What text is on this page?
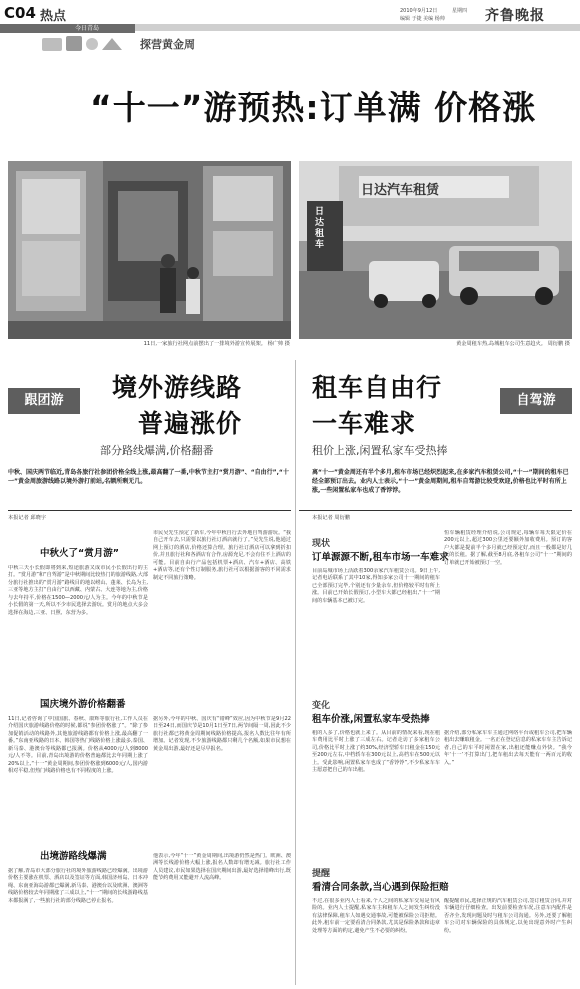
C04 热点	2010年9月12日	星期四
编辑 于捷 美编 杨帅	齐鲁晚报
今日青岛
探营黄金周
“十一”游预热:订单满 价格涨
11日,一家旅行社网点前摆出了一排境外游宣传展架。 杨广帅 摄
日达汽车租赁
日达租车
黄金周租车热,岛城租车公司生意趋火。 周衍鹏 摄
跟团游	境外游线路
普遍涨价
部分路线爆满,价格翻番
中秋、国庆两节临近,青岛各旅行社参团价格全线上涨,最高翻了一番,中秋节主打“赏月游”、“自由行”,“十一”黄金周旅游线路以境外游打前站,名额所剩无几。
本报记者 邱晓宇
中秋火了“赏月游”
中秋三天小长假即将到来,短途旅游又成市民小长假出行的主打。“赏月游”和“自驾游”是中秋期间比较热门的旅游线路,大部分旅行社推出的“赏月游”路线目的地以崂山、蓬莱、长岛为主,三亚等地方主打“自由行”以西藏、内蒙古、大连等地为主,价格与去年持平,价格在1500—2000元/人为主。今年的中秋节是小长假的第一天,所以不少市民选择去游玩。赏月的地点大多会选择在海边,三亚、日照、东营为多。
市民吴先生预定了新车,今年中秋自行去外地自驾游游玩。“我自己开车去,只需要以旅行社订酒店就行了。”吴先生说,他通过网上预订的酒店,价格还算合理。旅行社订酒店可以拿到折扣价,并且旅行社和各酒店有合作,房源充足,不会有住不上酒店的可能。目前自由行产品包括机票+酒店、汽车+酒店、高铁+酒店等,还有个性订制服务,旅行社可以根据游客的不同需求制定不同旅行策略。
国庆境外游价格翻番
11日,记者咨询了中国国旅、春秋、康辉等旅行社,工作人员在介绍国庆旅游线路价格的时候,都说“参团价格涨了”。“除了参加促销活动的线路外,其他旅游线路都有价格上涨,最高翻了一番。”东南亚线路的日本、韩国等热门线路价格上涨最多,泰国、新马泰、港澳台等线路都已报满。价格从4000元/人到8000元/人不等。目前,青岛出境游的价格普遍都比去年同期上涨了20%以上,“十一”黄金周期间,参团价格涨到6000元/人,国内游相对平稳,但热门线路价格也有不同程度的上涨。
据另外,今年的中秋、国庆有“错峰”效应,因为中秋节是9月22日至24日,而国庆节是10月1日至7日,两节间隔一周,因此不少旅行社都已将黄金周期间线路价格提高,报名人数比往年有所增加。记者发现,不少旅游线路都只剩几个名额,如果市民想在黄金周出游,最好还是尽早报名。
出境游路线爆满
据了解,青岛市大部分旅行社的境外旅游线路已经爆满。出境游价格主要涨在机票、酒店以及签证等方面,韩国济州岛、日本冲绳、东南亚海岛游都已爆满,新马泰、港澳台以及欧洲、澳洲等线路价格较去年同期涨了三成以上,“十一”期间的长线游路线基本都报满了,一些旅行社的部分线路已停止报名。
他表示,今年“十一”黄金周期间,出境游仍然是热门。欧洲、澳洲等长线游价格大幅上涨,报名人数却有增无减。旅行社工作人员建议,市民如果选择在国庆期间出游,最好选择错峰出行,既能节约费用又能避开人流高峰。
自驾游
租车自由行
一车难求
租价上涨,闲置私家车受热捧
离“十一”黄金周还有半个多月,租车市场已经炽烈起来,在多家汽车租赁公司,“十一”期间的租车已经全部预订出去。业内人士表示,“十一”黄金周期间,租车自驾游比较受欢迎,价格也比平时有所上涨,一些闲置私家车也成了香饽饽。
本报记者 周衍鹏
现状
订单源源不断,租车市场一车难求
目前岛城市场上活跃着300余家汽车租赁公司。9日上午,记者电话联系了其中10家,得知多家公司十一期间的租车已全部预订完毕,个别还有少量余车,但价格较平时有所上涨。目前已开始长假预订,小型车大都已经租出,“十一”期间的车辆基本已被订完。
恒车辆租赁经理介绍说,公司规定,每辆车每天限定价在200元以上,超过300公里还要额外加收费用。预订的客户大都是提前半个多月就已经预定好,而且一般都是好几天的长租。据了解,截至8月底,各租车公司“十一”期间的订单就已开始被预订一空。
变化
租车价涨,闲置私家车受热捧
租的人多了,价格也就上来了。从目前的情况来看,现在租车费用比平时上涨了三成左右。记者走访了多家租车公司,价格比平时上涨了约30%,经济型轿车日租金在150元至200元左右,中档轿车在300元以上,高档车在500元以上。受此影响,闲置私家车也成了“香饽饽”,不少私家车车主愿意把自己的车出租。
据介绍,部分私家车车主通过网络平台或租车公司,把车辆租出去赚取租金。一名正在登记信息的私家车车主告诉记者,自己的车平时闲置在家,出租还能赚点外快。“我今年‘十一’不打算出门,把车租出去每天能有一两百元的收入。”
提醒
看清合同条款,当心遇到保险拒赔
不过,在很多业内人士看来,个人之间的私家车交易是有风险的。业内人士提醒,私家车主和租车人之间发生纠纷没有法律保障,租车人如遇交通事故,可能被保险公司拒赔。此外,租车前一定要看清合同条款,尤其是保险条款和违章处理等方面的约定,避免产生不必要的纠纷。
醒提醒市民,选择正规的汽车租赁公司,签订租赁合同,并对车辆进行仔细检查。出发前要检查车况,注意车内配件是否齐全,发现问题及时与租车公司沟通。另外,还要了解租车公司对车辆保险的具体规定,以免出现意外时产生纠纷。
